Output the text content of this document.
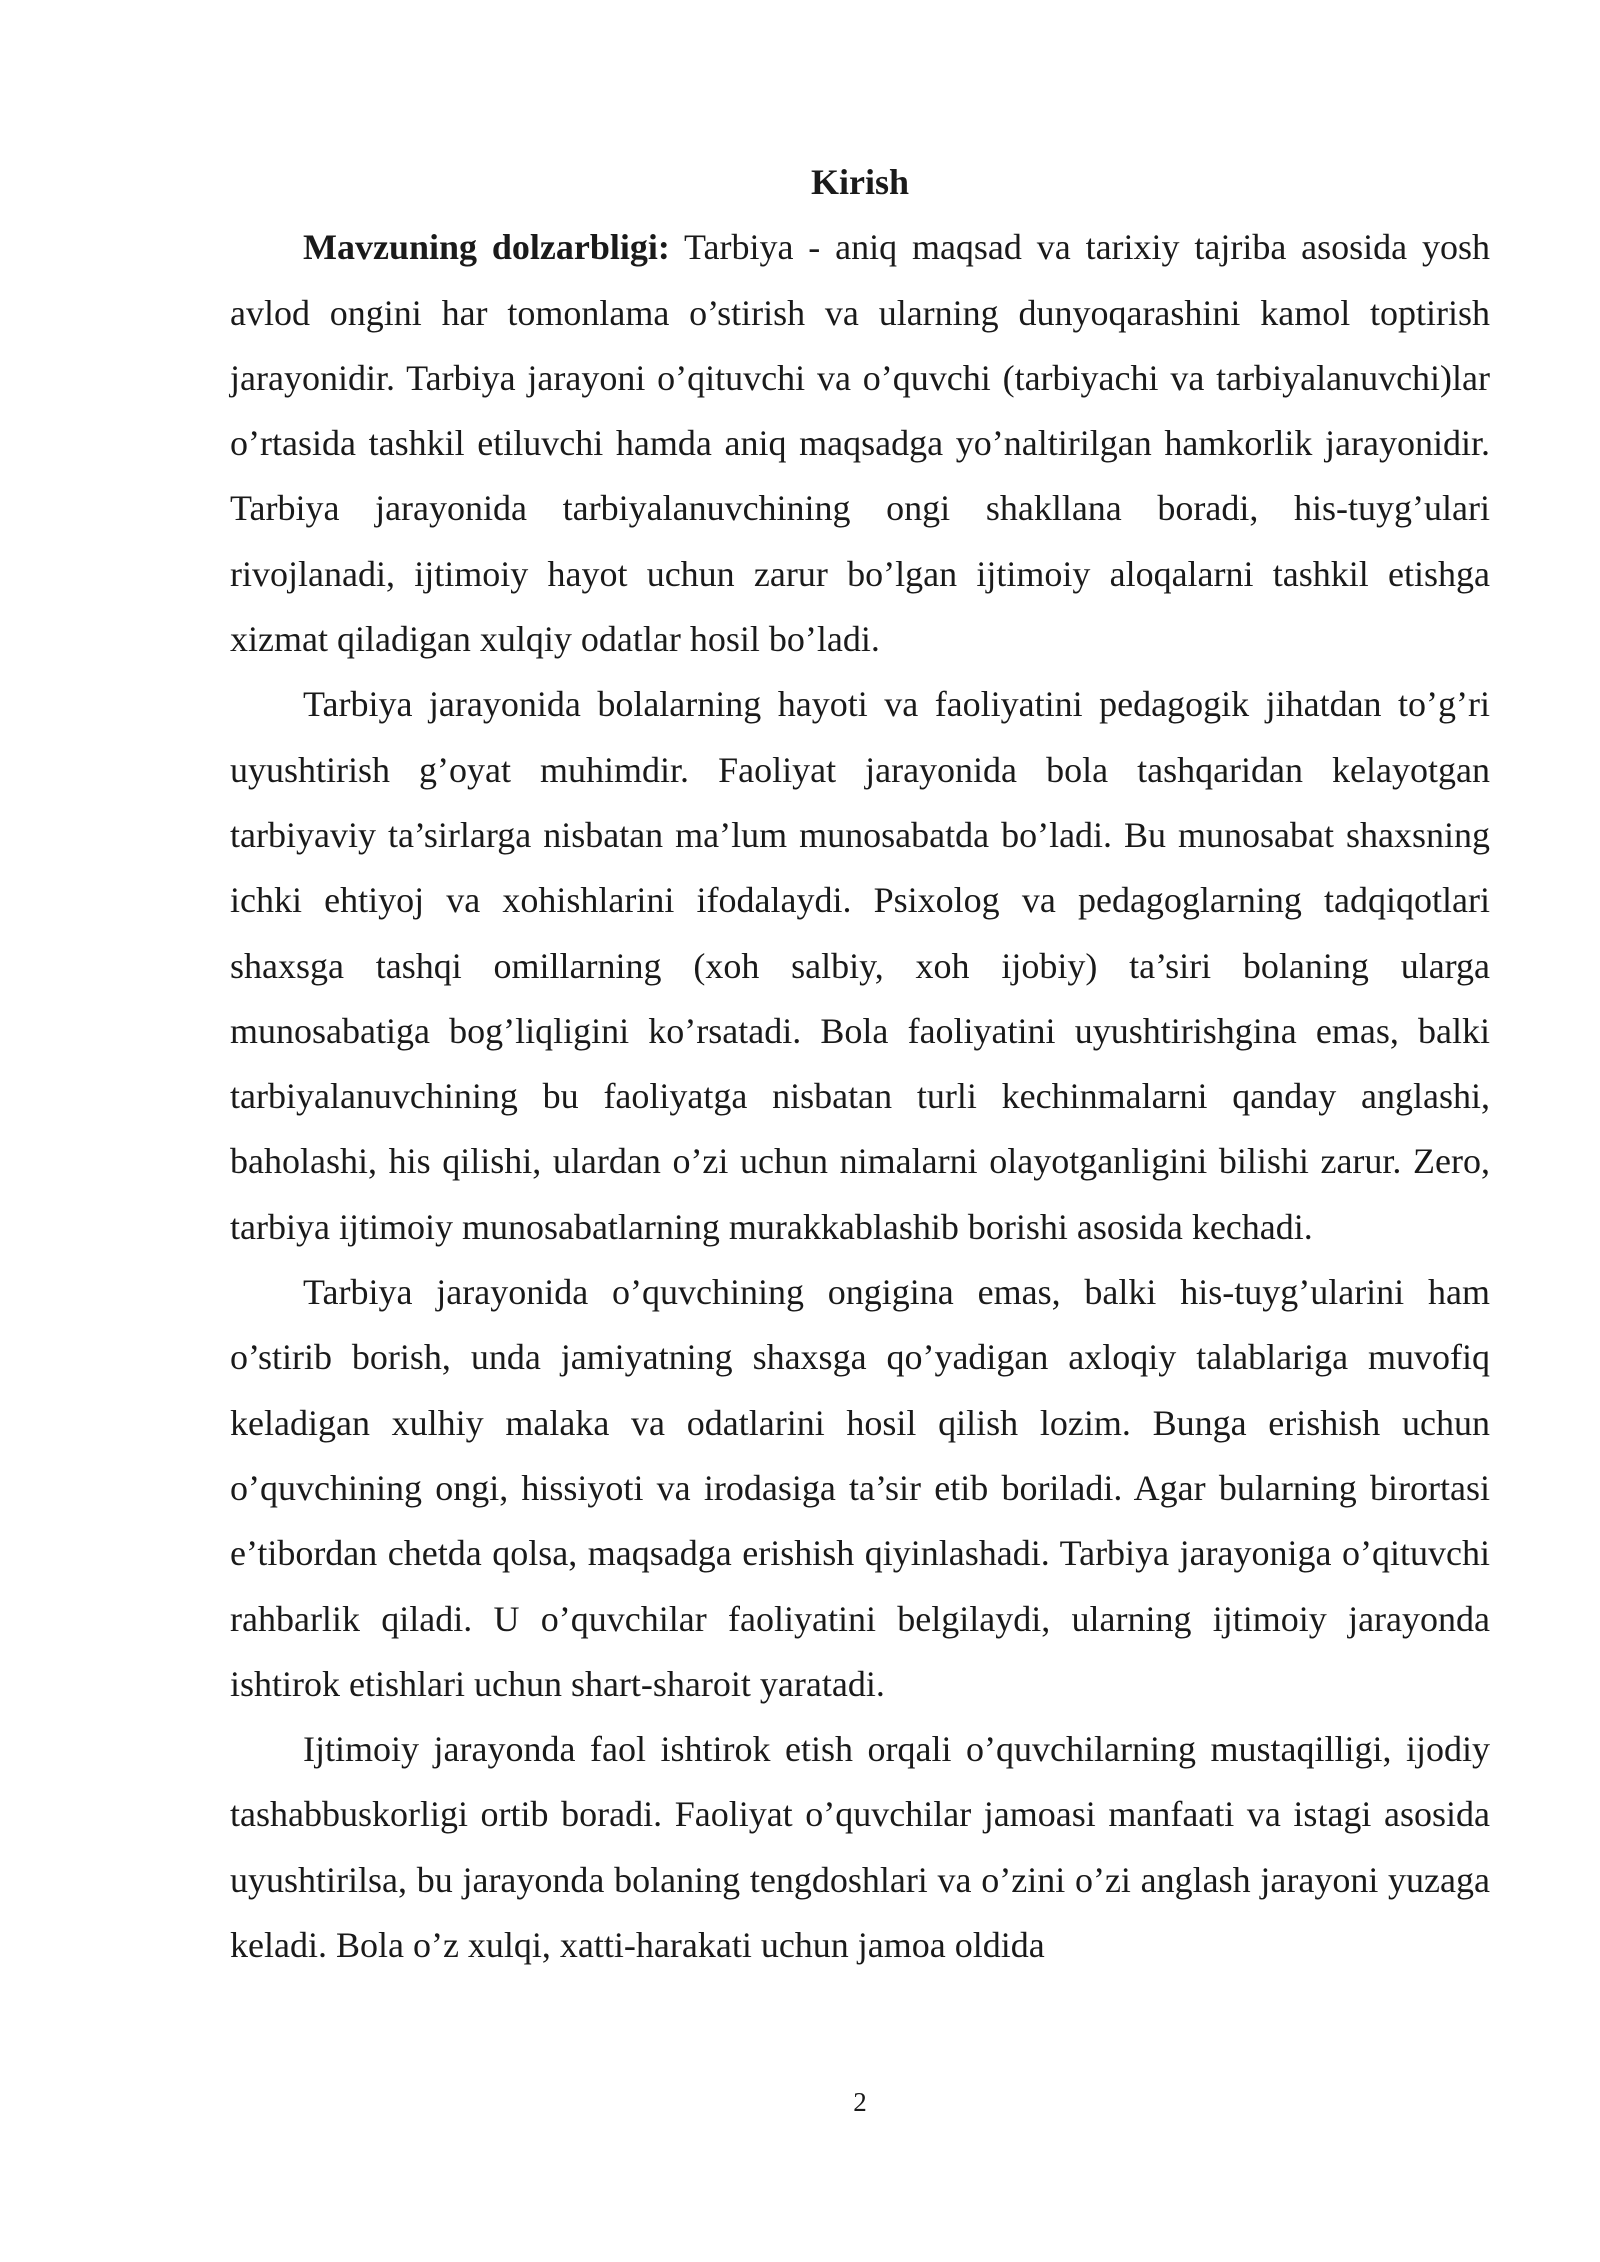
Kirish

Mavzuning dolzarbligi: Tarbiya - aniq maqsad va tarixiy tajriba asosida yosh avlod ongini har tomonlama o’stirish va ularning dunyoqarashini kamol toptirish jarayonidir. Tarbiya jarayoni o’qituvchi va o’quvchi (tarbiyachi va tarbiyalanuvchi)lar o’rtasida tashkil etiluvchi hamda aniq maqsadga yo’naltirilgan hamkorlik jarayonidir. Tarbiya jarayonida tarbiyalanuvchining ongi shakllana boradi, his-tuyg’ulari rivojlanadi, ijtimoiy hayot uchun zarur bo’lgan ijtimoiy aloqalarni tashkil etishga xizmat qiladigan xulqiy odatlar hosil bo’ladi.

Tarbiya jarayonida bolalarning hayoti va faoliyatini pedagogik jihatdan to’g’ri uyushtirish g’oyat muhimdir. Faoliyat jarayonida bola tashqaridan kelayotgan tarbiyaviy ta’sirlarga nisbatan ma’lum munosabatda bo’ladi. Bu munosabat shaxsning ichki ehtiyoj va xohishlarini ifodalaydi. Psixolog va pedagoglarning tadqiqotlari shaxsga tashqi omillarning (xoh salbiy, xoh ijobiy) ta’siri bolaning ularga munosabatiga bog’liqligini ko’rsatadi. Bola faoliyatini uyushtirishgina emas, balki tarbiyalanuvchining bu faoliyatga nisbatan turli kechinmalarni qanday anglashi, baholashi, his qilishi, ulardan o’zi uchun nimalarni olayotganligini bilishi zarur. Zero, tarbiya ijtimoiy munosabatlarning murakkablashib borishi asosida kechadi.

Tarbiya jarayonida o’quvchining ongigina emas, balki his-tuyg’ularini ham o’stirib borish, unda jamiyatning shaxsga qo’yadigan axloqiy talablariga muvofiq keladigan xulhiy malaka va odatlarini hosil qilish lozim. Bunga erishish uchun o’quvchining ongi, hissiyoti va irodasiga ta’sir etib boriladi. Agar bularning birortasi e’tibordan chetda qolsa, maqsadga erishish qiyinlashadi. Tarbiya jarayoniga o’qituvchi rahbarlik qiladi. U o’quvchilar faoliyatini belgilaydi, ularning ijtimoiy jarayonda ishtirok etishlari uchun shart-sharoit yaratadi.

Ijtimoiy jarayonda faol ishtirok etish orqali o’quvchilarning mustaqilligi, ijodiy tashabbuskorligi ortib boradi. Faoliyat o’quvchilar jamoasi manfaati va istagi asosida uyushtirilsa, bu jarayonda bolaning tengdoshlari va o’zini o’zi anglash jarayoni yuzaga keladi. Bola o’z xulqi, xatti-harakati uchun jamoa oldida

2
